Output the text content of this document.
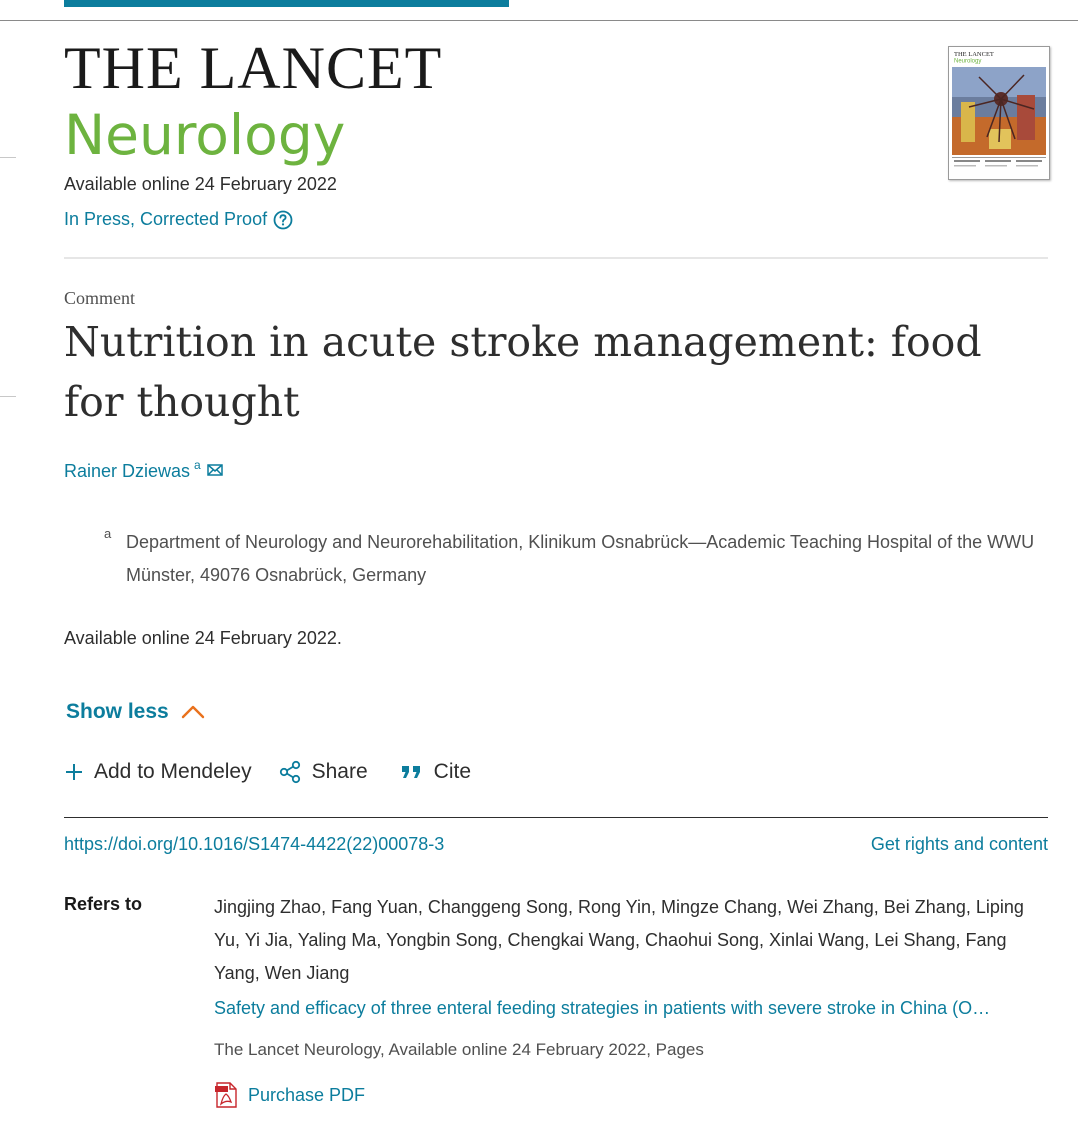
THE LANCET
Neurology
Available online 24 February 2022
In Press, Corrected Proof
THE LANCET
Neurology
Comment
Nutrition in acute stroke management: food for thought
Rainer Dziewas $^a$
a Department of Neurology and Neurorehabilitation, Klinikum Osnabrück—Academic Teaching Hospital of the WWU Münster, 49076 Osnabrück, Germany
Available online 24 February 2022.
Show less
Add to Mendeley	Share	Cite
https://doi.org/10.1016/S1474-4422(22)00078-3	Get rights and content
Refers to	Jingjing Zhao, Fang Yuan, Changgeng Song, Rong Yin, Mingze Chang, Wei Zhang, Bei Zhang, Liping Yu, Yi Jia, Yaling Ma, Yongbin Song, Chengkai Wang, Chaohui Song, Xinlai Wang, Lei Shang, Fang Yang, Wen Jiang
Safety and efficacy of three enteral feeding strategies in patients with severe stroke in China (O…
The Lancet Neurology, Available online 24 February 2022, Pages
Purchase PDF
